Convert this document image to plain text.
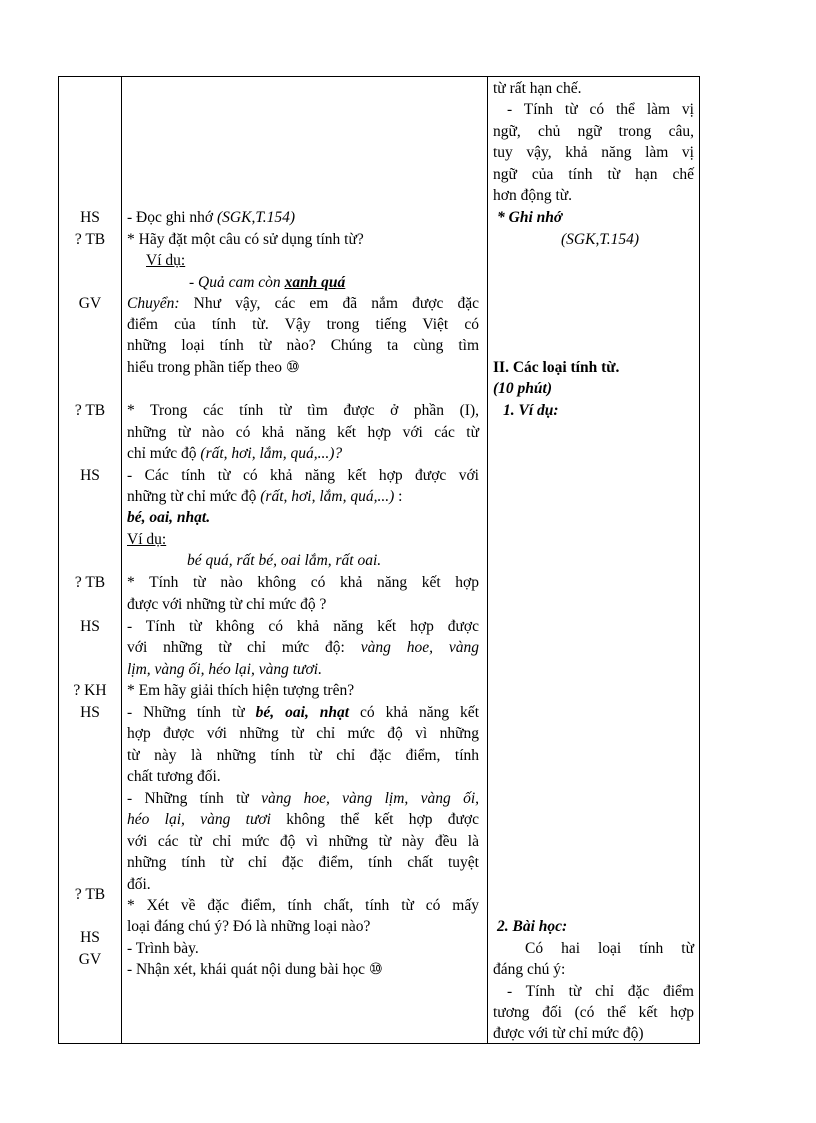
HS
? TB
GV
? TB
HS
? TB
HS
? KH
HS
? TB
HS
GV
- Đọc ghi nhớ (SGK,T.154)
* Hãy đặt một câu có sử dụng tính từ?
Ví dụ:
- Quả cam còn xanh quá
Chuyển: Như vậy, các em đã nắm được đặc
điểm của tính từ. Vậy trong tiếng Việt có
những loại tính từ nào? Chúng ta cùng tìm
hiểu trong phần tiếp theo ⑩
* Trong các tính từ tìm được ở phần (I),
những từ nào có khả năng kết hợp với các từ
chỉ mức độ (rất, hơi, lắm, quá,...)?
- Các tính từ có khả năng kết hợp được với
những từ chỉ mức độ (rất, hơi, lắm, quá,...) :
bé, oai, nhạt.
Ví dụ:
bé quá, rất bé, oai lắm, rất oai.
* Tính từ nào không có khả năng kết hợp
được với những từ chỉ mức độ ?
- Tính từ không có khả năng kết hợp được
với những từ chỉ mức độ: vàng hoe, vàng
lịm, vàng ối, héo lại, vàng tươi.
* Em hãy giải thích hiện tượng trên?
- Những tính từ bé, oai, nhạt có khả năng kết
hợp được với những từ chỉ mức độ vì những
từ này là những tính từ chỉ đặc điểm, tính
chất tương đối.
- Những tính từ vàng hoe, vàng lịm, vàng ối,
héo lại, vàng tươi không thể kết hợp được
với các từ chỉ mức độ vì những từ này đều là
những tính từ chỉ đặc điểm, tính chất tuyệt
đối.
* Xét về đặc điểm, tính chất, tính từ có mấy
loại đáng chú ý? Đó là những loại nào?
- Trình bày.
- Nhận xét, khái quát nội dung bài học ⑩
từ rất hạn chế.
- Tính từ có thể làm vị
ngữ, chủ ngữ trong câu,
tuy vậy, khả năng làm vị
ngữ của tính từ hạn chế
hơn động từ.
* Ghi nhớ
(SGK,T.154)
II. Các loại tính từ.
(10 phút)
1. Ví dụ:
2. Bài học:
Có hai loại tính từ
đáng chú ý:
- Tính từ chỉ đặc điểm
tương đối (có thể kết hợp
được với từ chỉ mức độ)
